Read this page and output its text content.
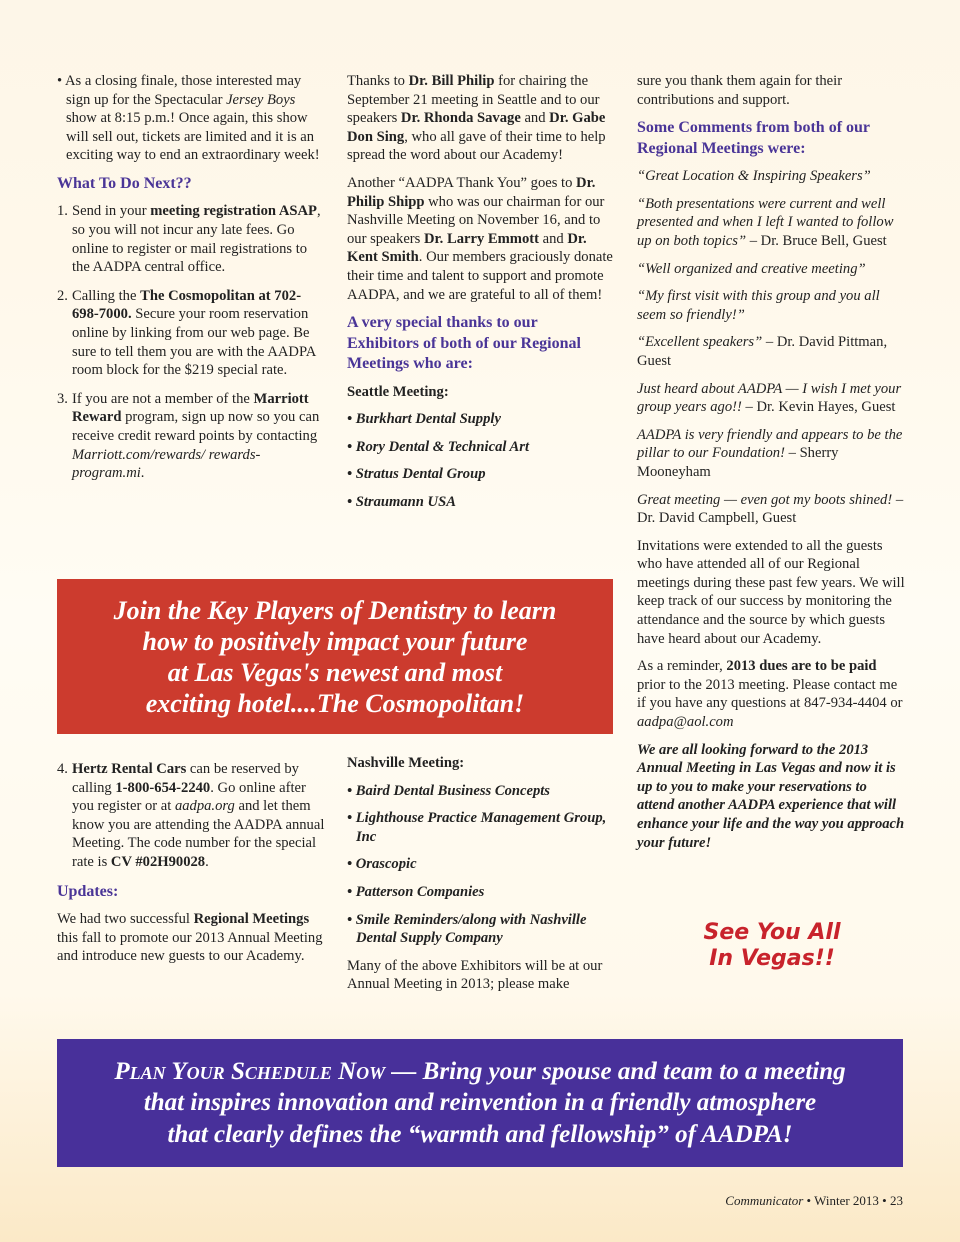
• As a closing finale, those interested may sign up for the Spectacular Jersey Boys show at 8:15 p.m.! Once again, this show will sell out, tickets are limited and it is an exciting way to end an extraordinary week!

What To Do Next??
1. Send in your meeting registration ASAP, so you will not incur any late fees. Go online to register or mail registrations to the AADPA central office.
2. Calling the The Cosmopolitan at 702-698-7000. Secure your room reservation online by linking from our web page. Be sure to tell them you are with the AADPA room block for the $219 special rate.
3. If you are not a member of the Marriott Reward program, sign up now so you can receive credit reward points by contacting Marriott.com/rewards/ rewards-program.mi.

Thanks to Dr. Bill Philip for chairing the September 21 meeting in Seattle and to our speakers Dr. Rhonda Savage and Dr. Gabe Don Sing, who all gave of their time to help spread the word about our Academy!

Another “AADPA Thank You” goes to Dr. Philip Shipp who was our chairman for our Nashville Meeting on November 16, and to our speakers Dr. Larry Emmott and Dr. Kent Smith. Our members graciously donate their time and talent to support and promote AADPA, and we are grateful to all of them!

A very special thanks to our Exhibitors of both of our Regional Meetings who are:

Seattle Meeting:

• Burkhart Dental Supply

• Rory Dental & Technical Art

• Stratus Dental Group

• Straumann USA

sure you thank them again for their contributions and support.

Some Comments from both of our Regional Meetings were:

“Great Location & Inspiring Speakers”

“Both presentations were current and well presented and when I left I wanted to follow up on both topics” – Dr. Bruce Bell, Guest

“Well organized and creative meeting”

“My first visit with this group and you all seem so friendly!”

“Excellent speakers” – Dr. David Pittman, Guest

Just heard about AADPA — I wish I met your group years ago!! – Dr. Kevin Hayes, Guest

AADPA is very friendly and appears to be the pillar to our Foundation! – Sherry Mooneyham

Great meeting — even got my boots shined! – Dr. David Campbell, Guest

Invitations were extended to all the guests who have attended all of our Regional meetings during these past few years. We will keep track of our success by monitoring the attendance and the source by which guests have heard about our Academy.

As a reminder, 2013 dues are to be paid prior to the 2013 meeting. Please contact me if you have any questions at 847-934-4404 or aadpa@aol.com

We are all looking forward to the 2013 Annual Meeting in Las Vegas and now it is up to you to make your reservations to attend another AADPA experience that will enhance your life and the way you approach your future!

See You All
In Vegas!!
Join the Key Players of Dentistry to learn
how to positively impact your future
at Las Vegas's newest and most
exciting hotel....The Cosmopolitan!
4. Hertz Rental Cars can be reserved by calling 1-800-654-2240. Go online after you register or at aadpa.org and let them know you are attending the AADPA annual Meeting. The code number for the special rate is CV #02H90028.
Updates:

We had two successful Regional Meetings this fall to promote our 2013 Annual Meeting and introduce new guests to our Academy.

Nashville Meeting:

• Baird Dental Business Concepts

• Lighthouse Practice Management Group, Inc

• Orascopic

• Patterson Companies

• Smile Reminders/along with Nashville Dental Supply Company

Many of the above Exhibitors will be at our Annual Meeting in 2013; please make

Plan Your Schedule Now — Bring your spouse and team to a meeting
that inspires innovation and reinvention in a friendly atmosphere
that clearly defines the “warmth and fellowship” of AADPA!
Communicator • Winter 2013 • 23
